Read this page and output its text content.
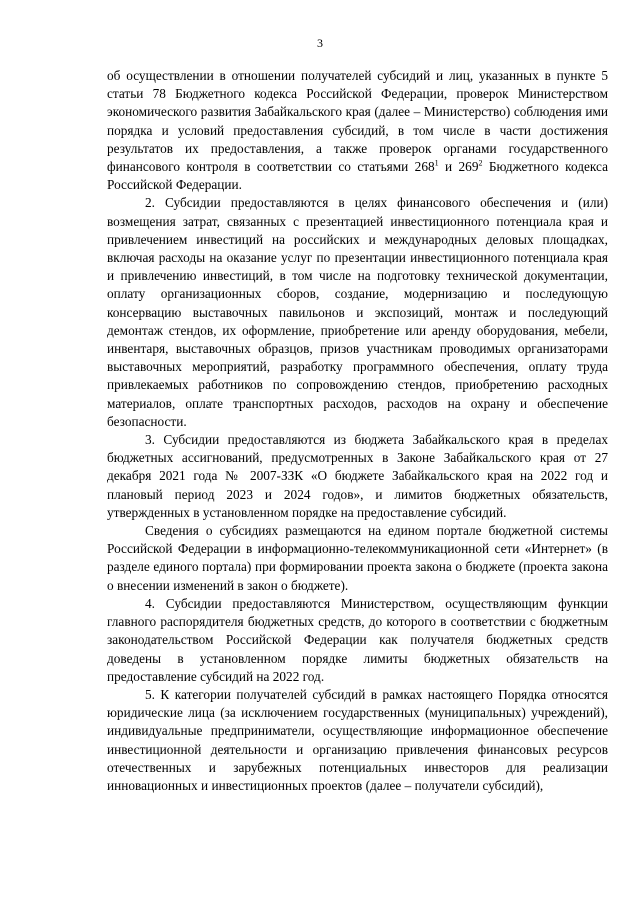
3

об осуществлении в отношении получателей субсидий и лиц, указанных в пункте 5 статьи 78 Бюджетного кодекса Российской Федерации, проверок Министерством экономического развития Забайкальского края (далее – Министерство) соблюдения ими порядка и условий предоставления субсидий, в том числе в части достижения результатов их предоставления, а также проверок органами государственного финансового контроля в соответствии со статьями $268^1$ и $269^2$ Бюджетного кодекса Российской Федерации.

2. Субсидии предоставляются в целях финансового обеспечения и (или) возмещения затрат, связанных с презентацией инвестиционного потенциала края и привлечением инвестиций на российских и международных деловых площадках, включая расходы на оказание услуг по презентации инвестиционного потенциала края и привлечению инвестиций, в том числе на подготовку технической документации, оплату организационных сборов, создание, модернизацию и последующую консервацию выставочных павильонов и экспозиций, монтаж и последующий демонтаж стендов, их оформление, приобретение или аренду оборудования, мебели, инвентаря, выставочных образцов, призов участникам проводимых организаторами выставочных мероприятий, разработку программного обеспечения, оплату труда привлекаемых работников по сопровождению стендов, приобретению расходных материалов, оплате транспортных расходов, расходов на охрану и обеспечение безопасности.

3. Субсидии предоставляются из бюджета Забайкальского края в пределах бюджетных ассигнований, предусмотренных в Законе Забайкальского края от 27 декабря 2021 года № 2007-ЗЗК «О бюджете Забайкальского края на 2022 год и плановый период 2023 и 2024 годов», и лимитов бюджетных обязательств, утвержденных в установленном порядке на предоставление субсидий.

Сведения о субсидиях размещаются на едином портале бюджетной системы Российской Федерации в информационно-телекоммуникационной сети «Интернет» (в разделе единого портала) при формировании проекта закона о бюджете (проекта закона о внесении изменений в закон о бюджете).

4. Субсидии предоставляются Министерством, осуществляющим функции главного распорядителя бюджетных средств, до которого в соответствии с бюджетным законодательством Российской Федерации как получателя бюджетных средств доведены в установленном порядке лимиты бюджетных обязательств на предоставление субсидий на 2022 год.

5. К категории получателей субсидий в рамках настоящего Порядка относятся юридические лица (за исключением государственных (муниципальных) учреждений), индивидуальные предприниматели, осуществляющие информационное обеспечение инвестиционной деятельности и организацию привлечения финансовых ресурсов отечественных и зарубежных потенциальных инвесторов для реализации инновационных и инвестиционных проектов (далее – получатели субсидий),
